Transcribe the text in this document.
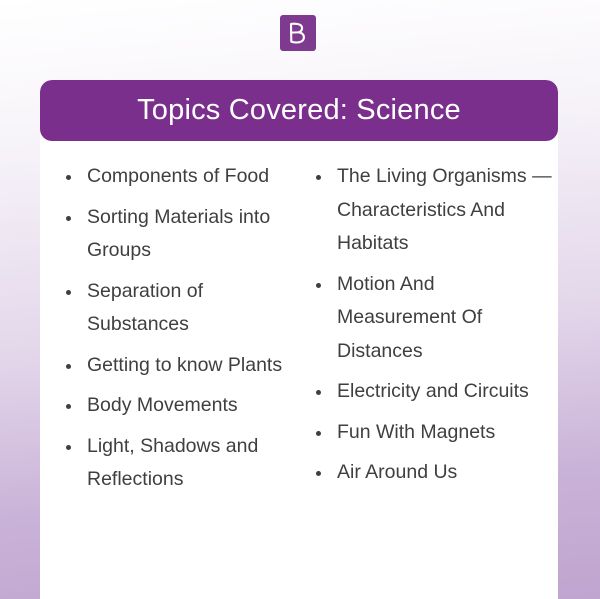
Topics Covered: Science
Components of Food
Sorting Materials into Groups
Separation of Substances
Getting to know Plants
Body Movements
Light, Shadows and Reflections
The Living Organisms — Characteristics And Habitats
Motion And Measurement Of Distances
Electricity and Circuits
Fun With Magnets
Air Around Us
